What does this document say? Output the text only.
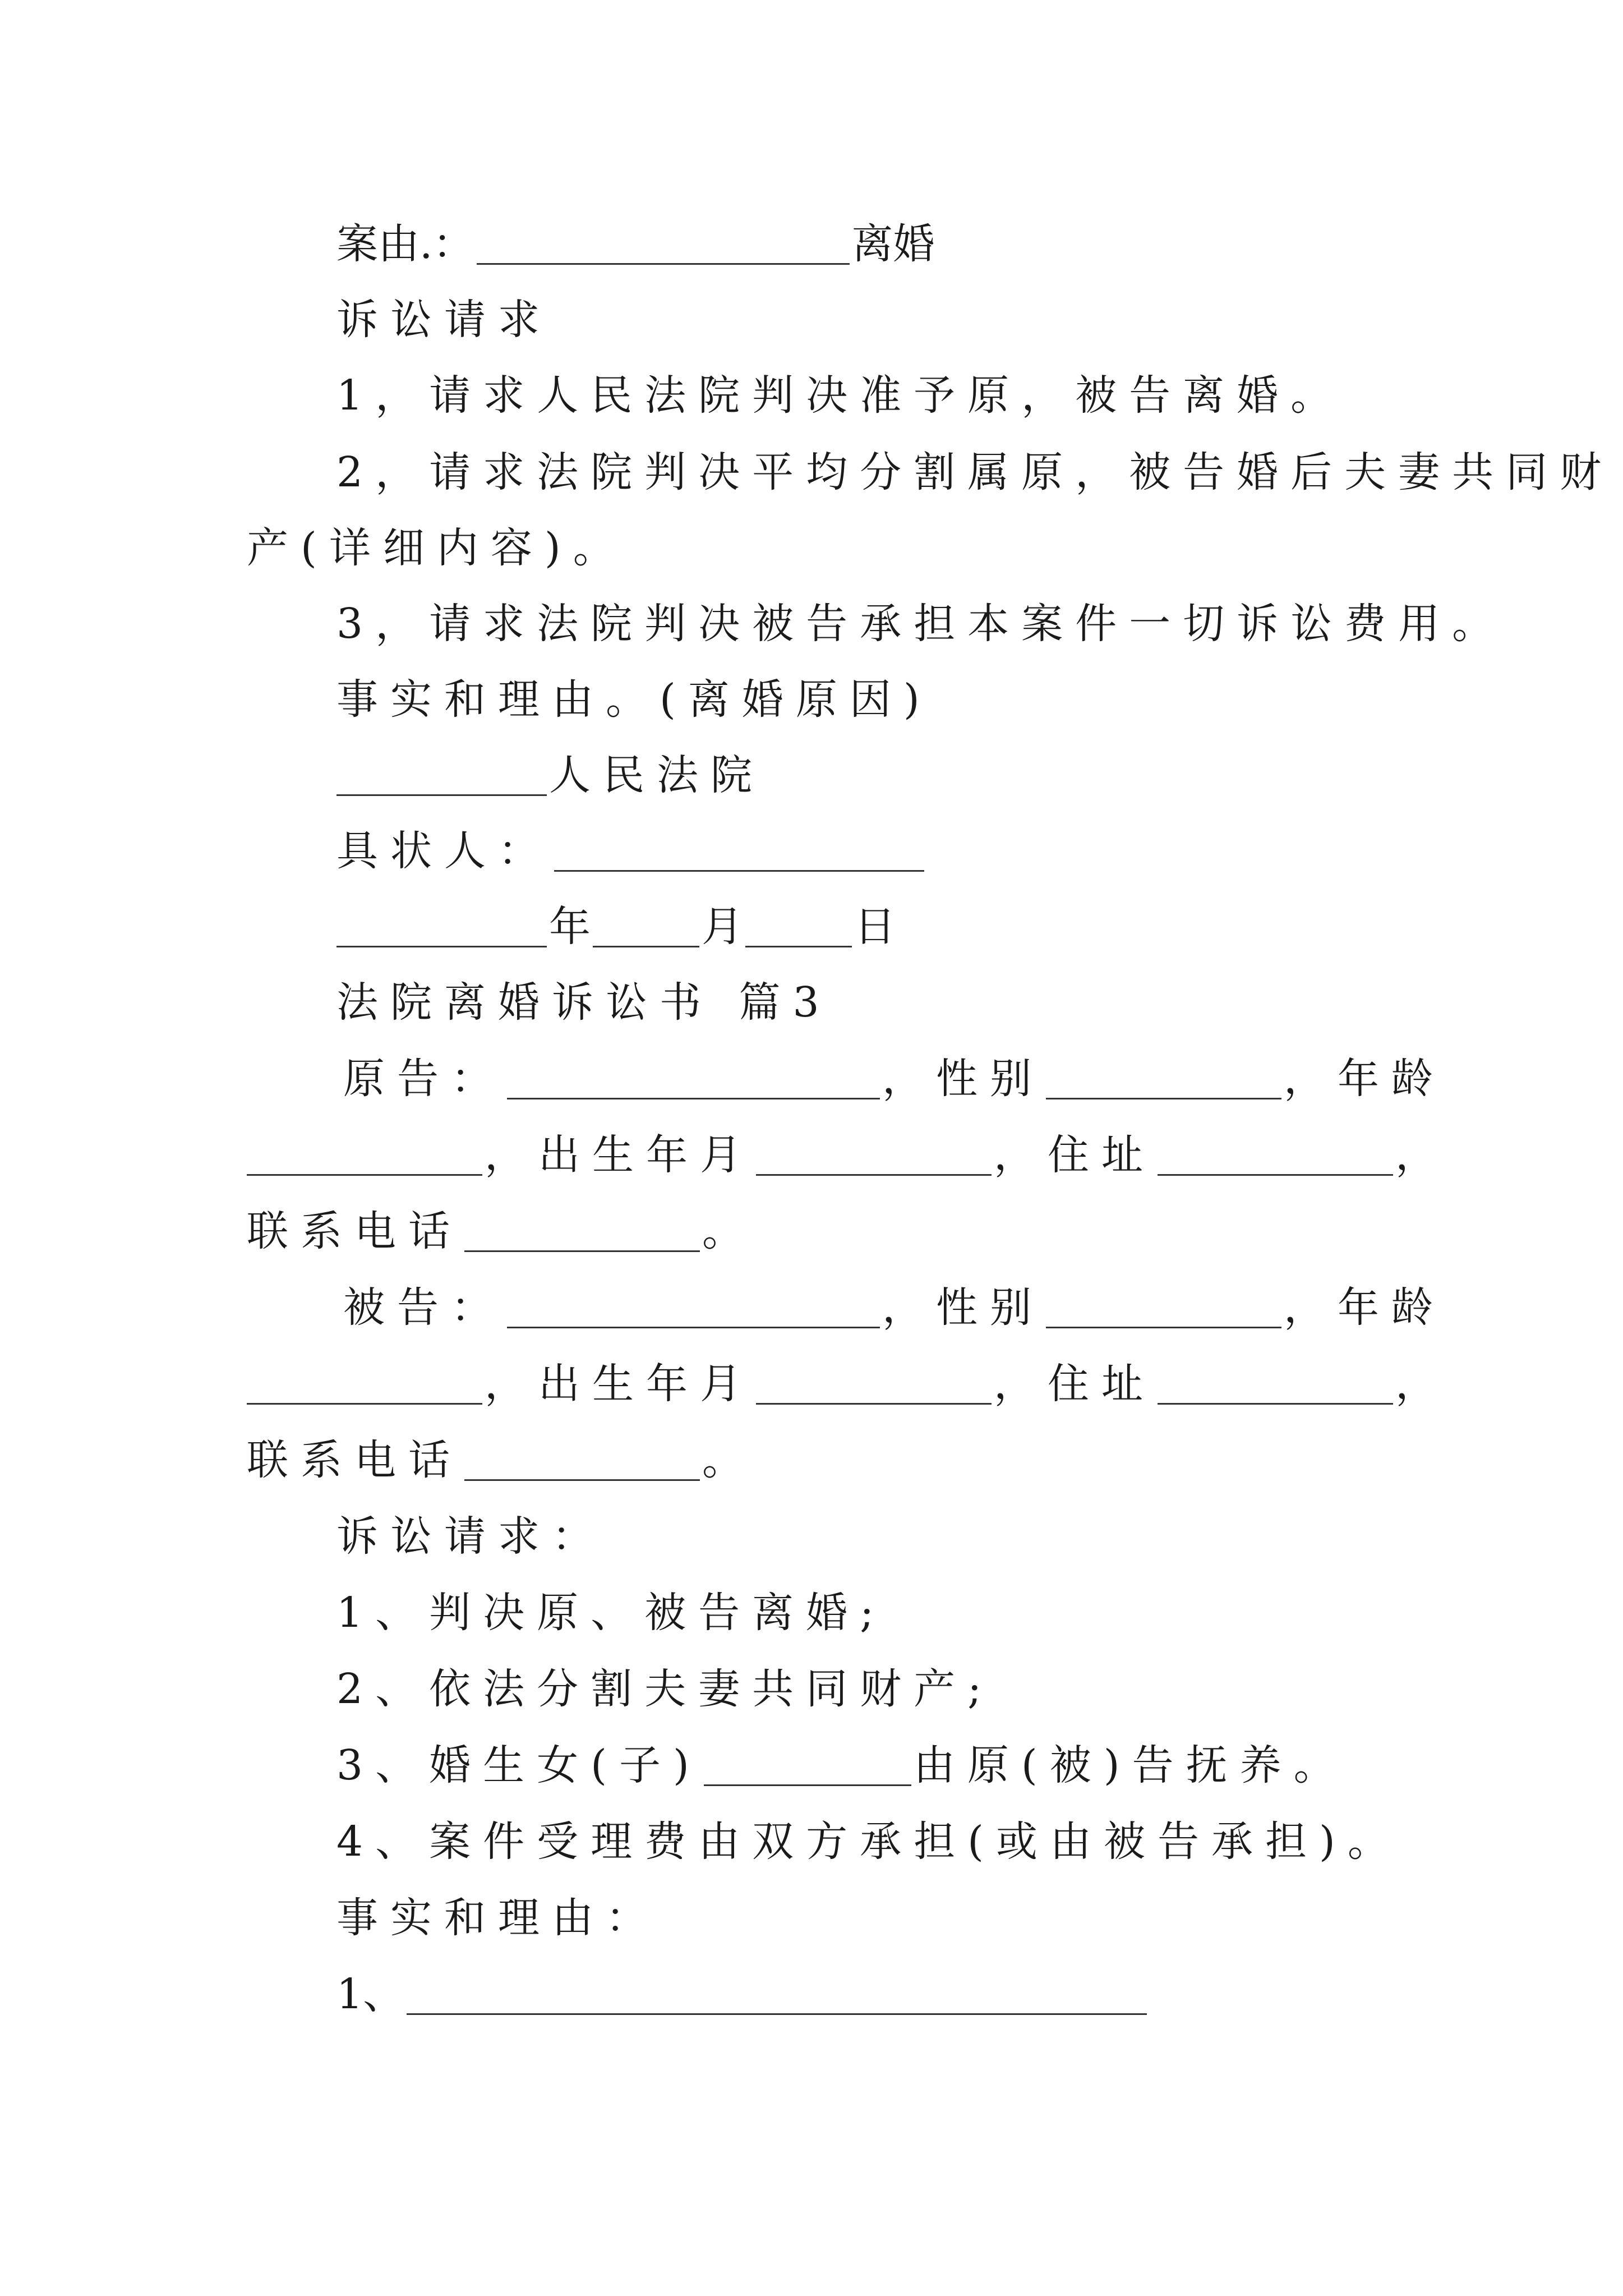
案由.：	离婚
诉讼请求
1，请求人民法院判决准予原，被告离婚。
2，请求法院判决平均分割属原，被告婚后夫妻共同财
产(详细内容)。
3，请求法院判决被告承担本案件一切诉讼费用。
事实和理由。(离婚原因)
人民法院
具状人：
年	月	日
法院离婚诉讼书 篇3
原告：	，性别	，年龄
，出生年月	，住址	，
联系电话	。
被告：	，性别	，年龄
，出生年月	，住址	，
联系电话	。
诉讼请求：
1、判决原、被告离婚;
2、依法分割夫妻共同财产;
3、婚生女(子)	由原(被)告抚养。
4、案件受理费由双方承担(或由被告承担)。
事实和理由：
1、
